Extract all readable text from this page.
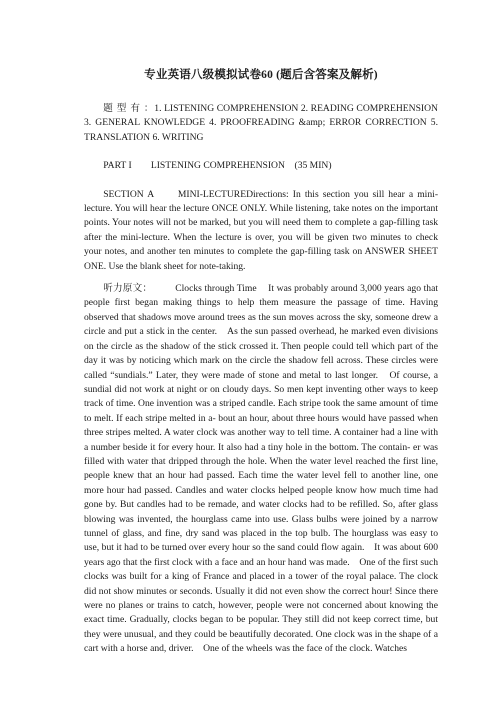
专业英语八级模拟试卷60 (题后含答案及解析)

题 型 有 ：1. LISTENING COMPREHENSION 2. READING COMPREHENSION 3. GENERAL KNOWLEDGE 4. PROOFREADING &amp; ERROR CORRECTION 5. TRANSLATION 6. WRITING

PART I　　LISTENING COMPREHENSION　(35 MIN)

SECTION A　　MINI-LECTUREDirections: In this section you sill hear a mini-lecture. You will hear the lecture ONCE ONLY. While listening, take notes on the important points. Your notes will not be marked, but you will need them to complete a gap-filling task after the mini-lecture. When the lecture is over, you will be given two minutes to check your notes, and another ten minutes to complete the gap-filling task on ANSWER SHEET ONE. Use the blank sheet for note-taking.

听力原文： Clocks through Time It was probably around 3,000 years ago that people first began making things to help them measure the passage of time. Having observed that shadows move around trees as the sun moves across the sky, someone drew a circle and put a stick in the center.　As the sun passed overhead, he marked even divisions on the circle as the shadow of the stick crossed it. Then people could tell which part of the day it was by noticing which mark on the circle the shadow fell across. These circles were called “sundials.” Later, they were made of stone and metal to last longer.　Of course, a sundial did not work at night or on cloudy days. So men kept inventing other ways to keep track of time. One invention was a striped candle. Each stripe took the same amount of time to melt. If each stripe melted in a- bout an hour, about three hours would have passed when three stripes melted. A water clock was another way to tell time. A container had a line with a number beside it for every hour. It also had a tiny hole in the bottom. The contain- er was filled with water that dripped through the hole. When the water level reached the first line, people knew that an hour had passed. Each time the water level fell to another line, one more hour had passed. Candles and water clocks helped people know how much time had gone by. But candles had to be remade, and water clocks had to be refilled. So, after glass blowing was invented, the hourglass came into use. Glass bulbs were joined by a narrow tunnel of glass, and fine, dry sand was placed in the top bulb. The hourglass was easy to use, but it had to be turned over every hour so the sand could flow again.　It was about 600 years ago that the first clock with a face and an hour hand was made.　One of the first such clocks was built for a king of France and placed in a tower of the royal palace. The clock did not show minutes or seconds. Usually it did not even show the correct hour! Since there were no planes or trains to catch, however, people were not concerned about knowing the exact time. Gradually, clocks began to be popular. They still did not keep correct time, but they were unusual, and they could be beautifully decorated. One clock was in the shape of a cart with a horse and, driver.　One of the wheels was the face of the clock. Watches
